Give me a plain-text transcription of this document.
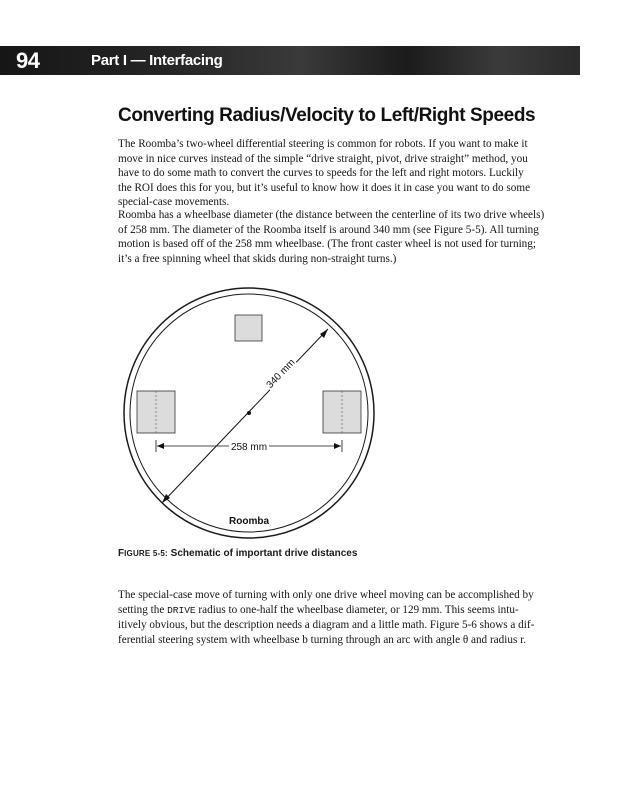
94	Part I — Interfacing
Converting Radius/Velocity to Left/Right Speeds

The Roomba’s two-wheel differential steering is common for robots. If you want to make it
move in nice curves instead of the simple “drive straight, pivot, drive straight” method, you
have to do some math to convert the curves to speeds for the left and right motors. Luckily
the ROI does this for you, but it’s useful to know how it does it in case you want to do some
special-case movements.

Roomba has a wheelbase diameter (the distance between the centerline of its two drive wheels)
of 258 mm. The diameter of the Roomba itself is around 340 mm (see Figure 5-5). All turning
motion is based off of the 258 mm wheelbase. (The front caster wheel is not used for turning;
it’s a free spinning wheel that skids during non-straight turns.)

340 mm
258 mm
Roomba

FIGURE 5-5: Schematic of important drive distances

The special-case move of turning with only one drive wheel moving can be accomplished by
setting the DRIVE radius to one-half the wheelbase diameter, or 129 mm. This seems intu-
itively obvious, but the description needs a diagram and a little math. Figure 5-6 shows a dif-
ferential steering system with wheelbase b turning through an arc with angle θ and radius r.
